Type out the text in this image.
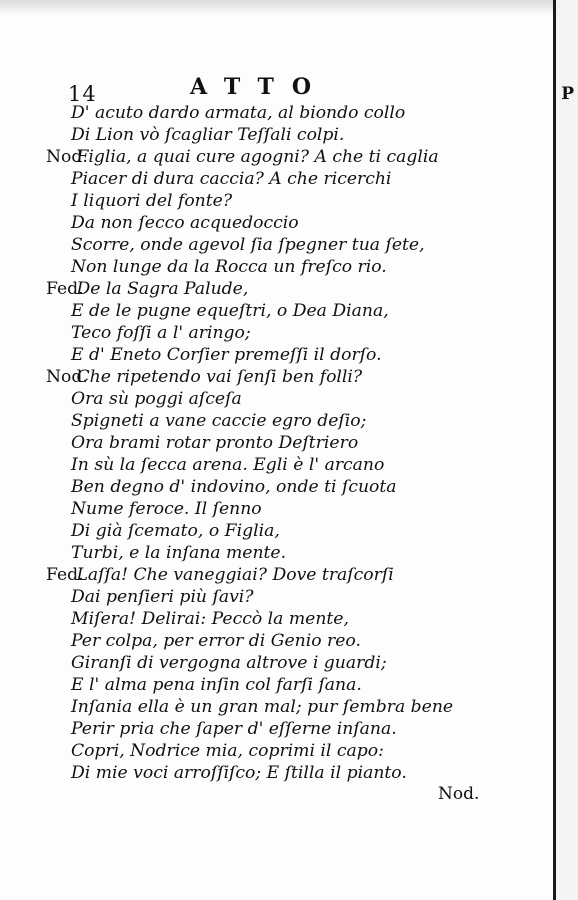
P
14	ATTO
D' acuto dardo armata, al biondo collo
Di Lion vò ſcagliar Teſſali colpi.
Nod. Figlia, a quai cure agogni? A che ti caglia
Piacer di dura caccia? A che ricerchi
I liquori del fonte?
Da non ſecco acquedoccio
Scorre, onde agevol ſia ſpegner tua ſete,
Non lunge da la Rocca un freſco rio.
Fed. De la Sagra Palude,
E de le pugne equeſtri, o Dea Diana,
Teco foſſi a l' aringo;
E d' Eneto Corſier premeſſi il dorſo.
Nod. Che ripetendo vai ſenſi ben folli?
Ora sù poggi aſceſa
Spigneti a vane caccie egro deſio;
Ora brami rotar pronto Deſtriero
In sù la ſecca arena. Egli è l' arcano
Ben degno d' indovino, onde ti ſcuota
Nume feroce. Il ſenno
Di già ſcemato, o Figlia,
Turbi, e la inſana mente.
Fed. Laſſa! Che vaneggiai? Dove traſcorſi
Dai penſieri più ſavi?
Miſera! Delirai: Peccò la mente,
Per colpa, per error di Genio reo.
Giranſi di vergogna altrove i guardi;
E l' alma pena inſin col farſi ſana.
Inſania ella è un gran mal; pur ſembra bene
Perir pria che ſaper d' eſſerne inſana.
Copri, Nodrice mia, coprimi il capo:
Di mie voci arroſſiſco; E ſtilla il pianto.
Nod.
